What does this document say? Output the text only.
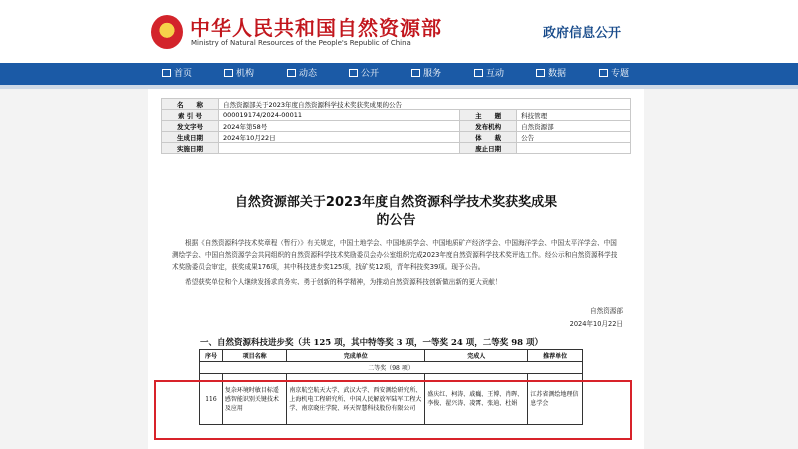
★ 中华人民共和国自然资源部
Ministry of Natural Resources of the People's Republic of China
政府信息公开
首页	机构	动态	公开	服务	互动	数据	专题
名　　称	自然资源部关于2023年度自然资源科学技术奖获奖成果的公告		
索 引 号	000019174/2024-00011	主　　题	科技管理
发文字号	2024年第58号	发布机构	自然资源部
生成日期	2024年10月22日	体　　裁	公告
实施日期		废止日期	
自然资源部关于2023年度自然资源科学技术奖获奖成果
的公告
根据《自然资源科学技术奖章程（暂行）》有关规定，中国土地学会、中国地质学会、中国地质矿产经济学会、中国海洋学会、中国太平洋学会、中国测绘学会、中国自然资源学会共同组织的自然资源科学技术奖励委员会办公室组织完成2023年度自然资源科学技术奖评选工作。经公示和自然资源科学技术奖励委员会审定，获奖成果176项，其中科技进步奖125项，找矿奖12项，青年科技奖39项。现予公告。
希望获奖单位和个人继续发扬求真务实、勇于创新的科学精神，为推动自然资源科技创新做出新的更大贡献！
自然资源部
2024年10月22日
一、自然资源科技进步奖（共 125 项，其中特等奖 3 项，一等奖 24 项，二等奖 98 项）
序号	项目名称	完成单位	完成人	推荐单位
二等奖（98 项）				
116	复杂环境时敏目标遥感智能识别关键技术及应用	南京航空航天大学、武汉大学、西安测绘研究所、上海机电工程研究所、中国人民解放军陆军工程大学、南京晓庄学院、环天智慧科技股份有限公司	盛庆红、柯涛、戚巍、王博、肖晖、李俊、翟兴涛、凌霄、张迪、杜娟	江苏省测绘地理信息学会
